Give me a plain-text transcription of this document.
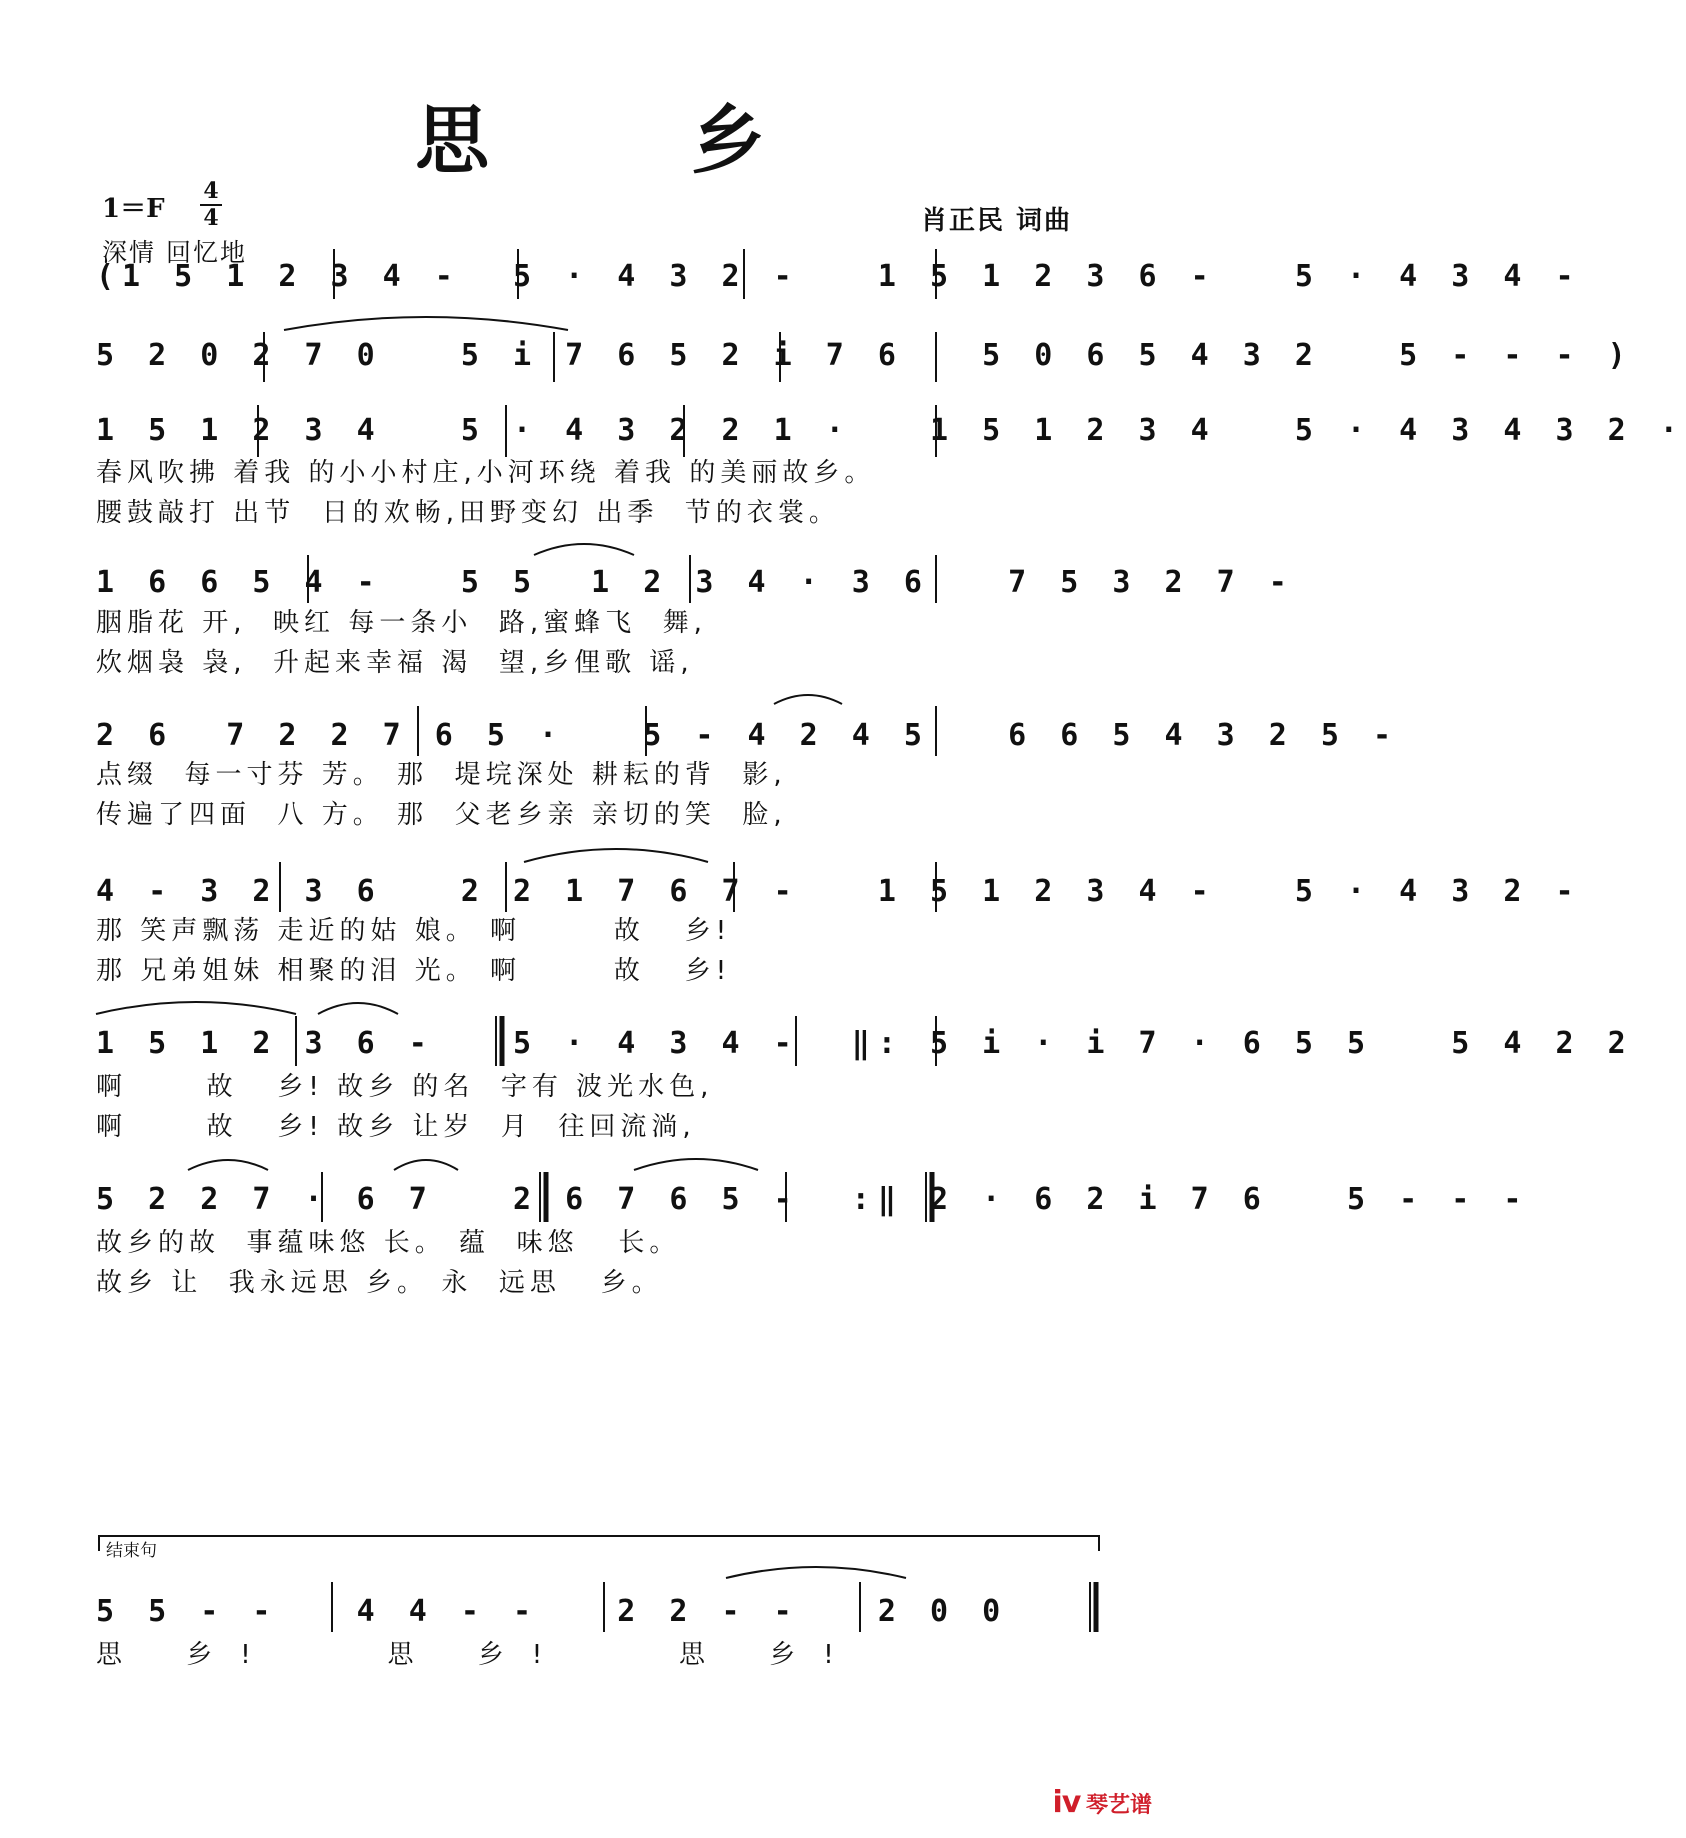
思 乡
1＝F
4
4
深情 回忆地
肖正民 词曲
(1 5 1 2 3 4 -  5 · 4 3 2 -   1 5 1 2 3 6 -   5 · 4 3 4 -
5 2 0 2 7 0   5 i 7 6 5 2 i 7 6   5 0 6 5 4 3 2   5 - - - )
1 5 1 2 3 4   5 · 4 3 2 2 1 ·   1 5 1 2 3 4   5 · 4 3 4 3 2 ·
春风吹拂 着我 的小小村庄,小河环绕 着我 的美丽故乡。
腰鼓敲打 出节  日的欢畅,田野变幻 出季  节的衣裳。
1 6 6 5 4 -   5 5  1 2 3 4 · 3 6   7 5 3 2 7 -
胭脂花 开,  映红 每一条小  路,蜜蜂飞  舞,
炊烟袅 袅,  升起来幸福 渴  望,乡俚歌 谣,
2 6  7 2 2 7 6 5 ·   5 - 4 2 4 5   6 6 5 4 3 2 5 -
点缀  每一寸芬 芳。 那  堤垸深处 耕耘的背  影,
传遍了四面  八 方。 那  父老乡亲 亲切的笑  脸,
4 - 3 2 3 6   2 2 1 7 6 7 -   1 5 1 2 3 4 -   5 · 4 3 2 -
那 笑声飘荡 走近的姑 娘。 啊       故   乡!
那 兄弟姐妹 相聚的泪 光。 啊       故   乡!
1 5 1 2 3 6 -   5 · 4 3 4 -  ‖: 5 i · i 7 · 6 5 5   5 4 2 2
啊      故   乡! 故乡 的名  字有 波光水色,
啊      故   乡! 故乡 让岁  月  往回流淌,
5 2 2 7 · 6 7   2 6 7 6 5 -  :‖ 2 · 6 2 i 7 6   5 - - -
故乡的故  事蕴味悠 长。 蕴  味悠   长。
故乡 让  我永远思 乡。 永  远思   乡。
结束句
5 5 - -   4 4 - -   2 2 - -   2 0 0
思 乡!   思 乡!   思 乡!
ⅳ 琴艺谱
